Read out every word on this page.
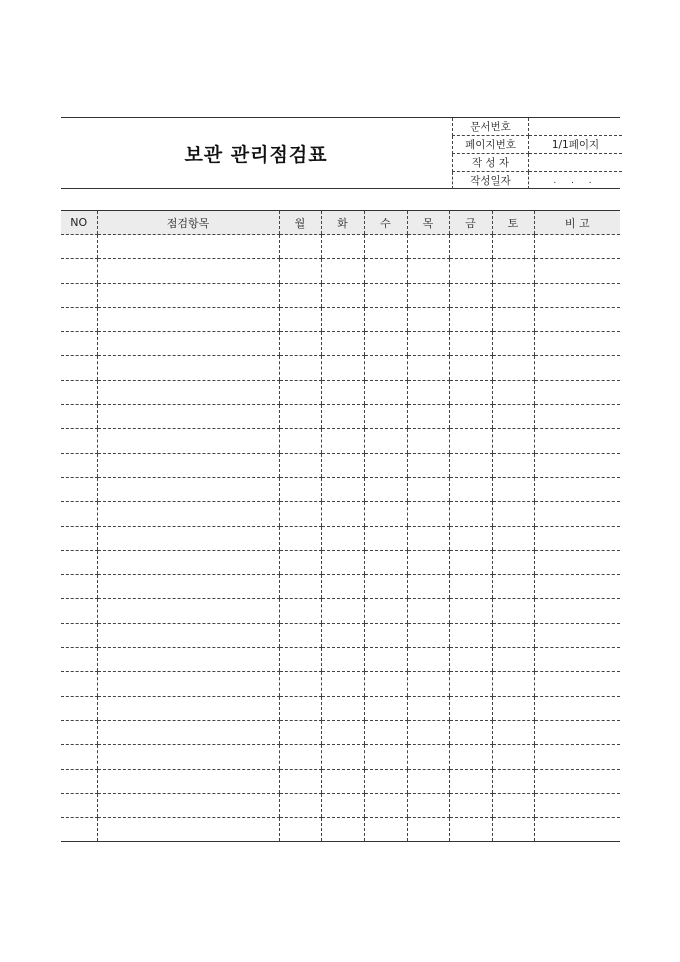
보관 관리점검표
문서번호	
페이지번호	1/1페이지
작 성 자	
작성일자	. . .
NO	점검항목	월	화	수	목	금	토	비 고
